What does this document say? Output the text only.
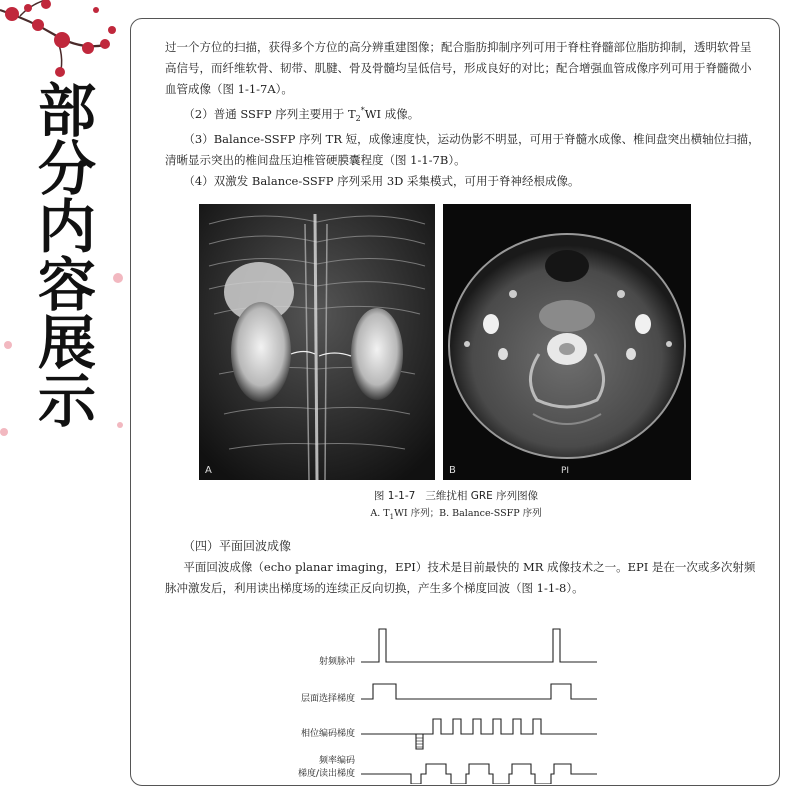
部
分
内
容
展
示

过一个方位的扫描，获得多个方位的高分辨重建图像；配合脂肪抑制序列可用于脊柱脊髓部位脂肪抑制，透明软骨呈高信号，而纤维软骨、韧带、肌腱、骨及骨髓均呈低信号，形成良好的对比；配合增强血管成像序列可用于脊髓微小血管成像（图 1-1-7A）。

（2）普通 SSFP 序列主要用于 $T_2^*WI$ 成像。

（3）Balance-SSFP 序列 TR 短，成像速度快，运动伪影不明显，可用于脊髓水成像、椎间盘突出横轴位扫描，清晰显示突出的椎间盘压迫椎管硬膜囊程度（图 1-1-7B）。

（4）双激发 Balance-SSFP 序列采用 3D 采集模式，可用于脊神经根成像。

A	B	PI
图 1-1-7 三维扰相 GRE 序列图像
A. $T_1WI$ 序列；B. Balance-SSFP 序列
（四）平面回波成像

平面回波成像（echo planar imaging，EPI）技术是目前最快的 MR 成像技术之一。EPI 是在一次或多次射频脉冲激发后，利用读出梯度场的连续正反向切换，产生多个梯度回波（图 1-1-8）。

射频脉冲
层面选择梯度
相位编码梯度
频率编码
梯度/读出梯度
